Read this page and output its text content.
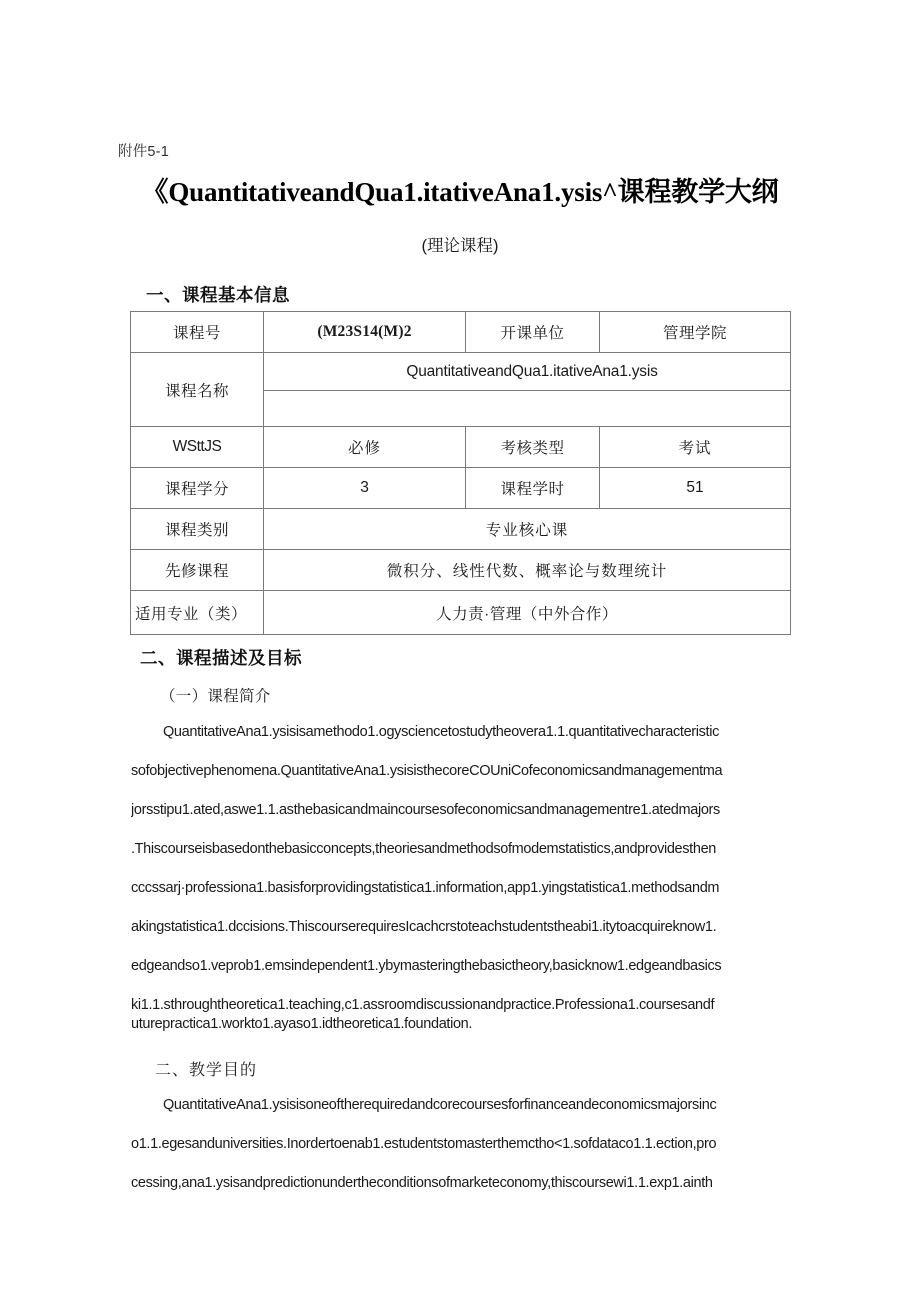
附件5-1
《QuantitativeandQua1.itativeAna1.ysis^课程教学大纲
(理论课程)
一、课程基本信息
课程号	(M23S14(M)2	开课单位	管理学院
课程名称	QuantitativeandQua1.itativeAna1.ysis		

WSttJS	必修	考核类型	考试
课程学分	3	课程学时	51
课程类别	专业核心课		
先修课程	微积分、线性代数、概率论与数理统计		
适用专业（类）	人力责·管理（中外合作）		
二、课程描述及目标
（一）课程简介
QuantitativeAna1.ysisisamethodo1.ogysciencetostudytheovera1.1.quantitativecharacteristic
sofobjectivephenomena.QuantitativeAna1.ysisisthecoreCOUniCofeconomicsandmanagementma
jorsstipu1.ated,aswe1.1.asthebasicandmaincoursesofeconomicsandmanagementre1.atedmajors
.Thiscourseisbasedonthebasicconcepts,theoriesandmethodsofmodemstatistics,andprovidesthen
cccssarj·professiona1.basisforprovidingstatistica1.information,app1.yingstatistica1.methodsandm
akingstatistica1.dccisions.ThiscourserequiresIcachcrstoteachstudentstheabi1.itytoacquireknow1.
edgeandso1.veprob1.emsindependent1.ybymasteringthebasictheory,basicknow1.edgeandbasics
ki1.1.sthroughtheoretica1.teaching,c1.assroomdiscussionandpractice.Professiona1.coursesandf
uturepractica1.workto1.ayaso1.idtheoretica1.foundation.
二、教学目的
QuantitativeAna1.ysisisoneoftherequiredandcorecoursesforfinanceandeconomicsmajorsinc
o1.1.egesanduniversities.Inordertoenab1.estudentstomasterthemctho<1.sofdataco1.1.ection,pro
cessing,ana1.ysisandpredictionundertheconditionsofmarketeconomy,thiscoursewi1.1.exp1.ainth
